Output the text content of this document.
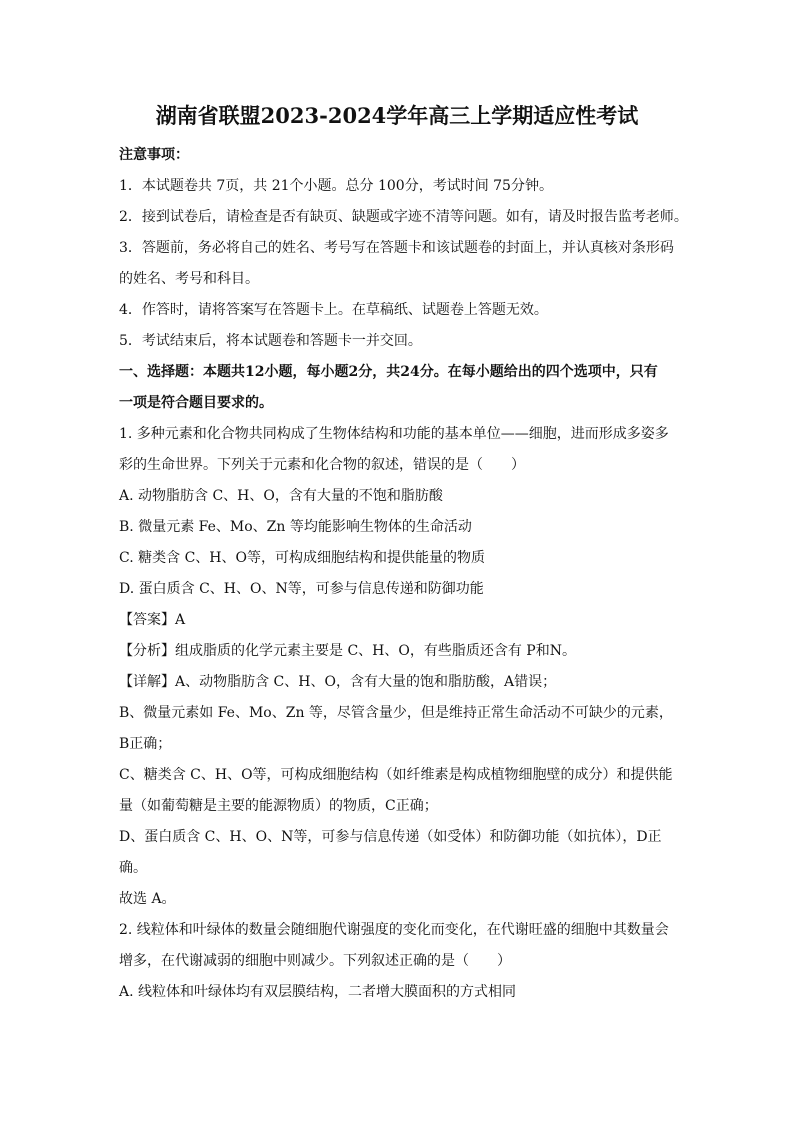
湖南省联盟2023-2024学年高三上学期适应性考试
注意事项：
1．本试题卷共 7页，共 21个小题。总分 100分，考试时间 75分钟。
2．接到试卷后，请检查是否有缺页、缺题或字迹不清等问题。如有，请及时报告监考老师。
3．答题前，务必将自己的姓名、考号写在答题卡和该试题卷的封面上，并认真核对条形码
的姓名、考号和科目。
4．作答时，请将答案写在答题卡上。在草稿纸、试题卷上答题无效。
5．考试结束后，将本试题卷和答题卡一并交回。
一、选择题：本题共12小题，每小题2分，共24分。在每小题给出的四个选项中，只有
一项是符合题目要求的。
1. 多种元素和化合物共同构成了生物体结构和功能的基本单位——细胞，进而形成多姿多
彩的生命世界。下列关于元素和化合物的叙述，错误的是（　　）
A. 动物脂肪含 C、H、O，含有大量的不饱和脂肪酸
B. 微量元素 Fe、Mo、Zn 等均能影响生物体的生命活动
C. 糖类含 C、H、O等，可构成细胞结构和提供能量的物质
D. 蛋白质含 C、H、O、N等，可参与信息传递和防御功能
【答案】A
【分析】组成脂质的化学元素主要是 C、H、O，有些脂质还含有 P和N。
【详解】A、动物脂肪含 C、H、O，含有大量的饱和脂肪酸，A错误；
B、微量元素如 Fe、Mo、Zn 等，尽管含量少，但是维持正常生命活动不可缺少的元素，
B正确；
C、糖类含 C、H、O等，可构成细胞结构（如纤维素是构成植物细胞壁的成分）和提供能
量（如葡萄糖是主要的能源物质）的物质，C正确；
D、蛋白质含 C、H、O、N等，可参与信息传递（如受体）和防御功能（如抗体），D正
确。
故选 A。
2. 线粒体和叶绿体的数量会随细胞代谢强度的变化而变化，在代谢旺盛的细胞中其数量会
增多，在代谢减弱的细胞中则减少。下列叙述正确的是（　　）
A. 线粒体和叶绿体均有双层膜结构，二者增大膜面积的方式相同
